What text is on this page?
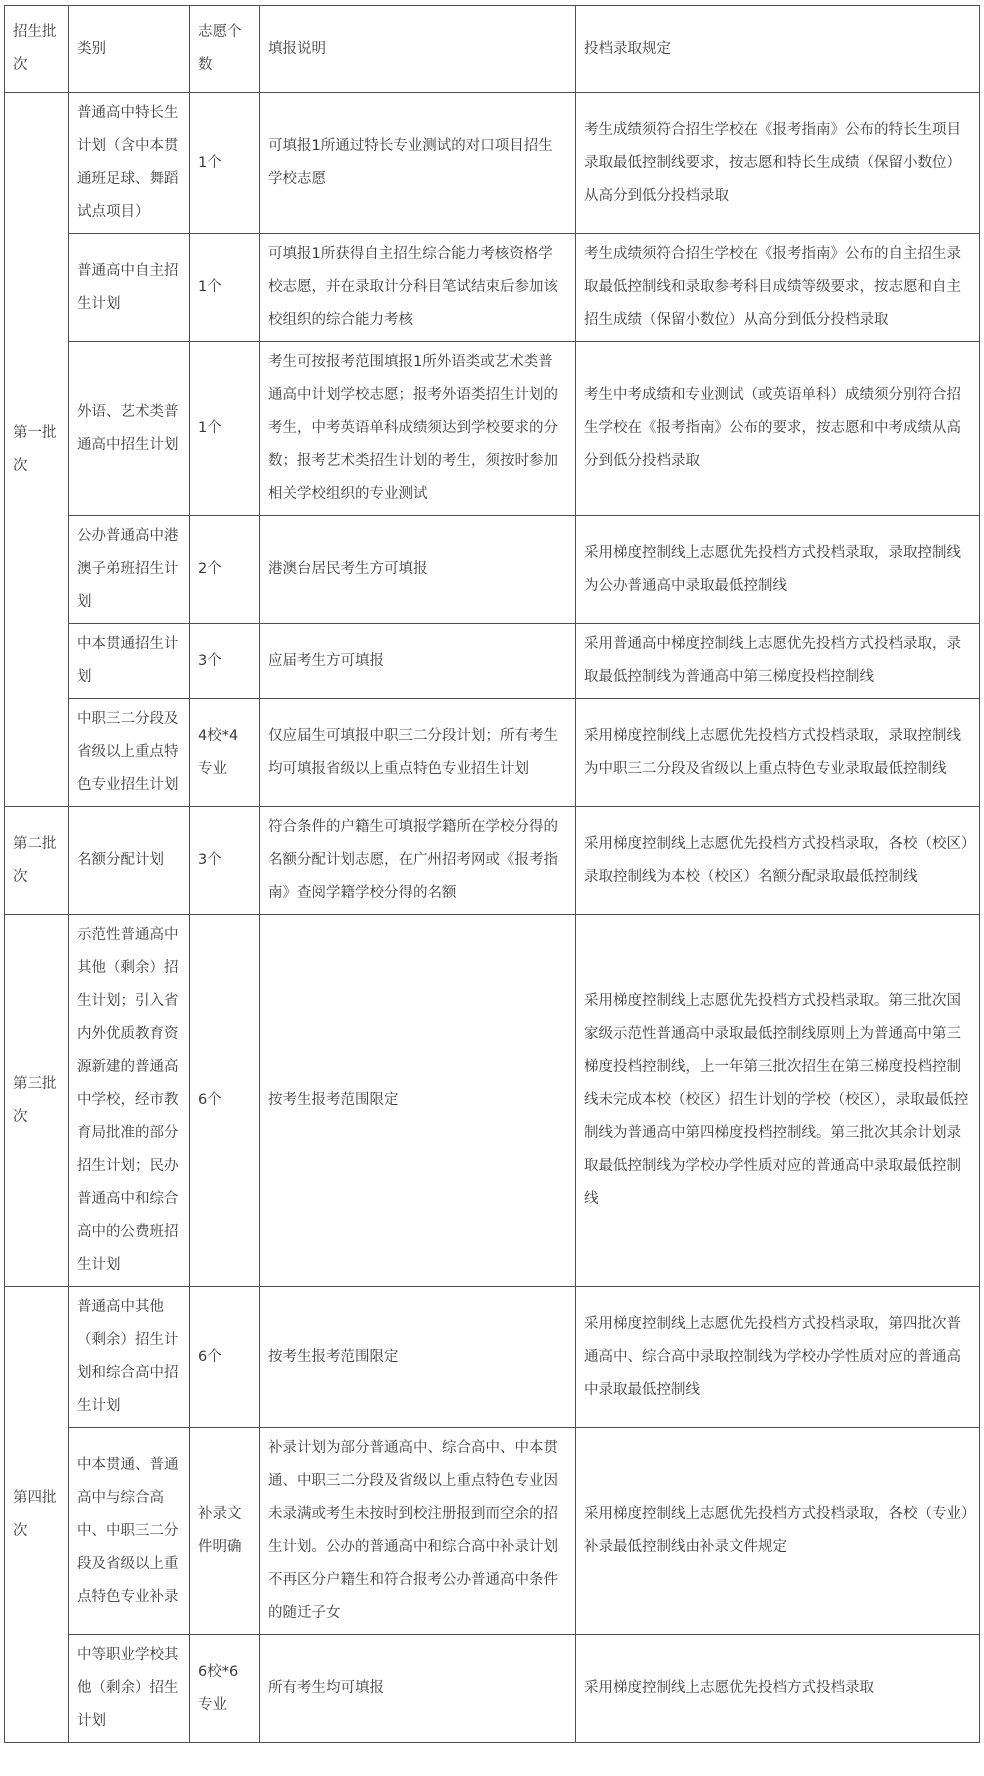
招生批次	类别	志愿个数	填报说明	投档录取规定
第一批次	普通高中特长生计划（含中本贯通班足球、舞蹈试点项目）	1个	可填报1所通过特长专业测试的对口项目招生学校志愿	考生成绩须符合招生学校在《报考指南》公布的特长生项目录取最低控制线要求，按志愿和特长生成绩（保留小数位）从高分到低分投档录取
	普通高中自主招生计划	1个	可填报1所获得自主招生综合能力考核资格学校志愿，并在录取计分科目笔试结束后参加该校组织的综合能力考核	考生成绩须符合招生学校在《报考指南》公布的自主招生录取最低控制线和录取参考科目成绩等级要求，按志愿和自主招生成绩（保留小数位）从高分到低分投档录取
	外语、艺术类普通高中招生计划	1个	考生可按报考范围填报1所外语类或艺术类普通高中计划学校志愿；报考外语类招生计划的考生，中考英语单科成绩须达到学校要求的分数；报考艺术类招生计划的考生，须按时参加相关学校组织的专业测试	考生中考成绩和专业测试（或英语单科）成绩须分别符合招生学校在《报考指南》公布的要求，按志愿和中考成绩从高分到低分投档录取
	公办普通高中港澳子弟班招生计划	2个	港澳台居民考生方可填报	采用梯度控制线上志愿优先投档方式投档录取，录取控制线为公办普通高中录取最低控制线
	中本贯通招生计划	3个	应届考生方可填报	采用普通高中梯度控制线上志愿优先投档方式投档录取，录取最低控制线为普通高中第三梯度投档控制线
	中职三二分段及省级以上重点特色专业招生计划	4校*4专业	仅应届生可填报中职三二分段计划；所有考生均可填报省级以上重点特色专业招生计划	采用梯度控制线上志愿优先投档方式投档录取，录取控制线为中职三二分段及省级以上重点特色专业录取最低控制线
第二批次	名额分配计划	3个	符合条件的户籍生可填报学籍所在学校分得的名额分配计划志愿，在广州招考网或《报考指南》查阅学籍学校分得的名额	采用梯度控制线上志愿优先投档方式投档录取，各校（校区）录取控制线为本校（校区）名额分配录取最低控制线
第三批次	示范性普通高中其他（剩余）招生计划；引入省内外优质教育资源新建的普通高中学校，经市教育局批准的部分招生计划；民办普通高中和综合高中的公费班招生计划	6个	按考生报考范围限定	采用梯度控制线上志愿优先投档方式投档录取。第三批次国家级示范性普通高中录取最低控制线原则上为普通高中第三梯度投档控制线，上一年第三批次招生在第三梯度投档控制线未完成本校（校区）招生计划的学校（校区），录取最低控制线为普通高中第四梯度投档控制线。第三批次其余计划录取最低控制线为学校办学性质对应的普通高中录取最低控制线
第四批次	普通高中其他（剩余）招生计划和综合高中招生计划	6个	按考生报考范围限定	采用梯度控制线上志愿优先投档方式投档录取，第四批次普通高中、综合高中录取控制线为学校办学性质对应的普通高中录取最低控制线
	中本贯通、普通高中与综合高中、中职三二分段及省级以上重点特色专业补录	补录文件明确	补录计划为部分普通高中、综合高中、中本贯通、中职三二分段及省级以上重点特色专业因未录满或考生未按时到校注册报到而空余的招生计划。公办的普通高中和综合高中补录计划不再区分户籍生和符合报考公办普通高中条件的随迁子女	采用梯度控制线上志愿优先投档方式投档录取，各校（专业）补录最低控制线由补录文件规定
	中等职业学校其他（剩余）招生计划	6校*6专业	所有考生均可填报	采用梯度控制线上志愿优先投档方式投档录取
